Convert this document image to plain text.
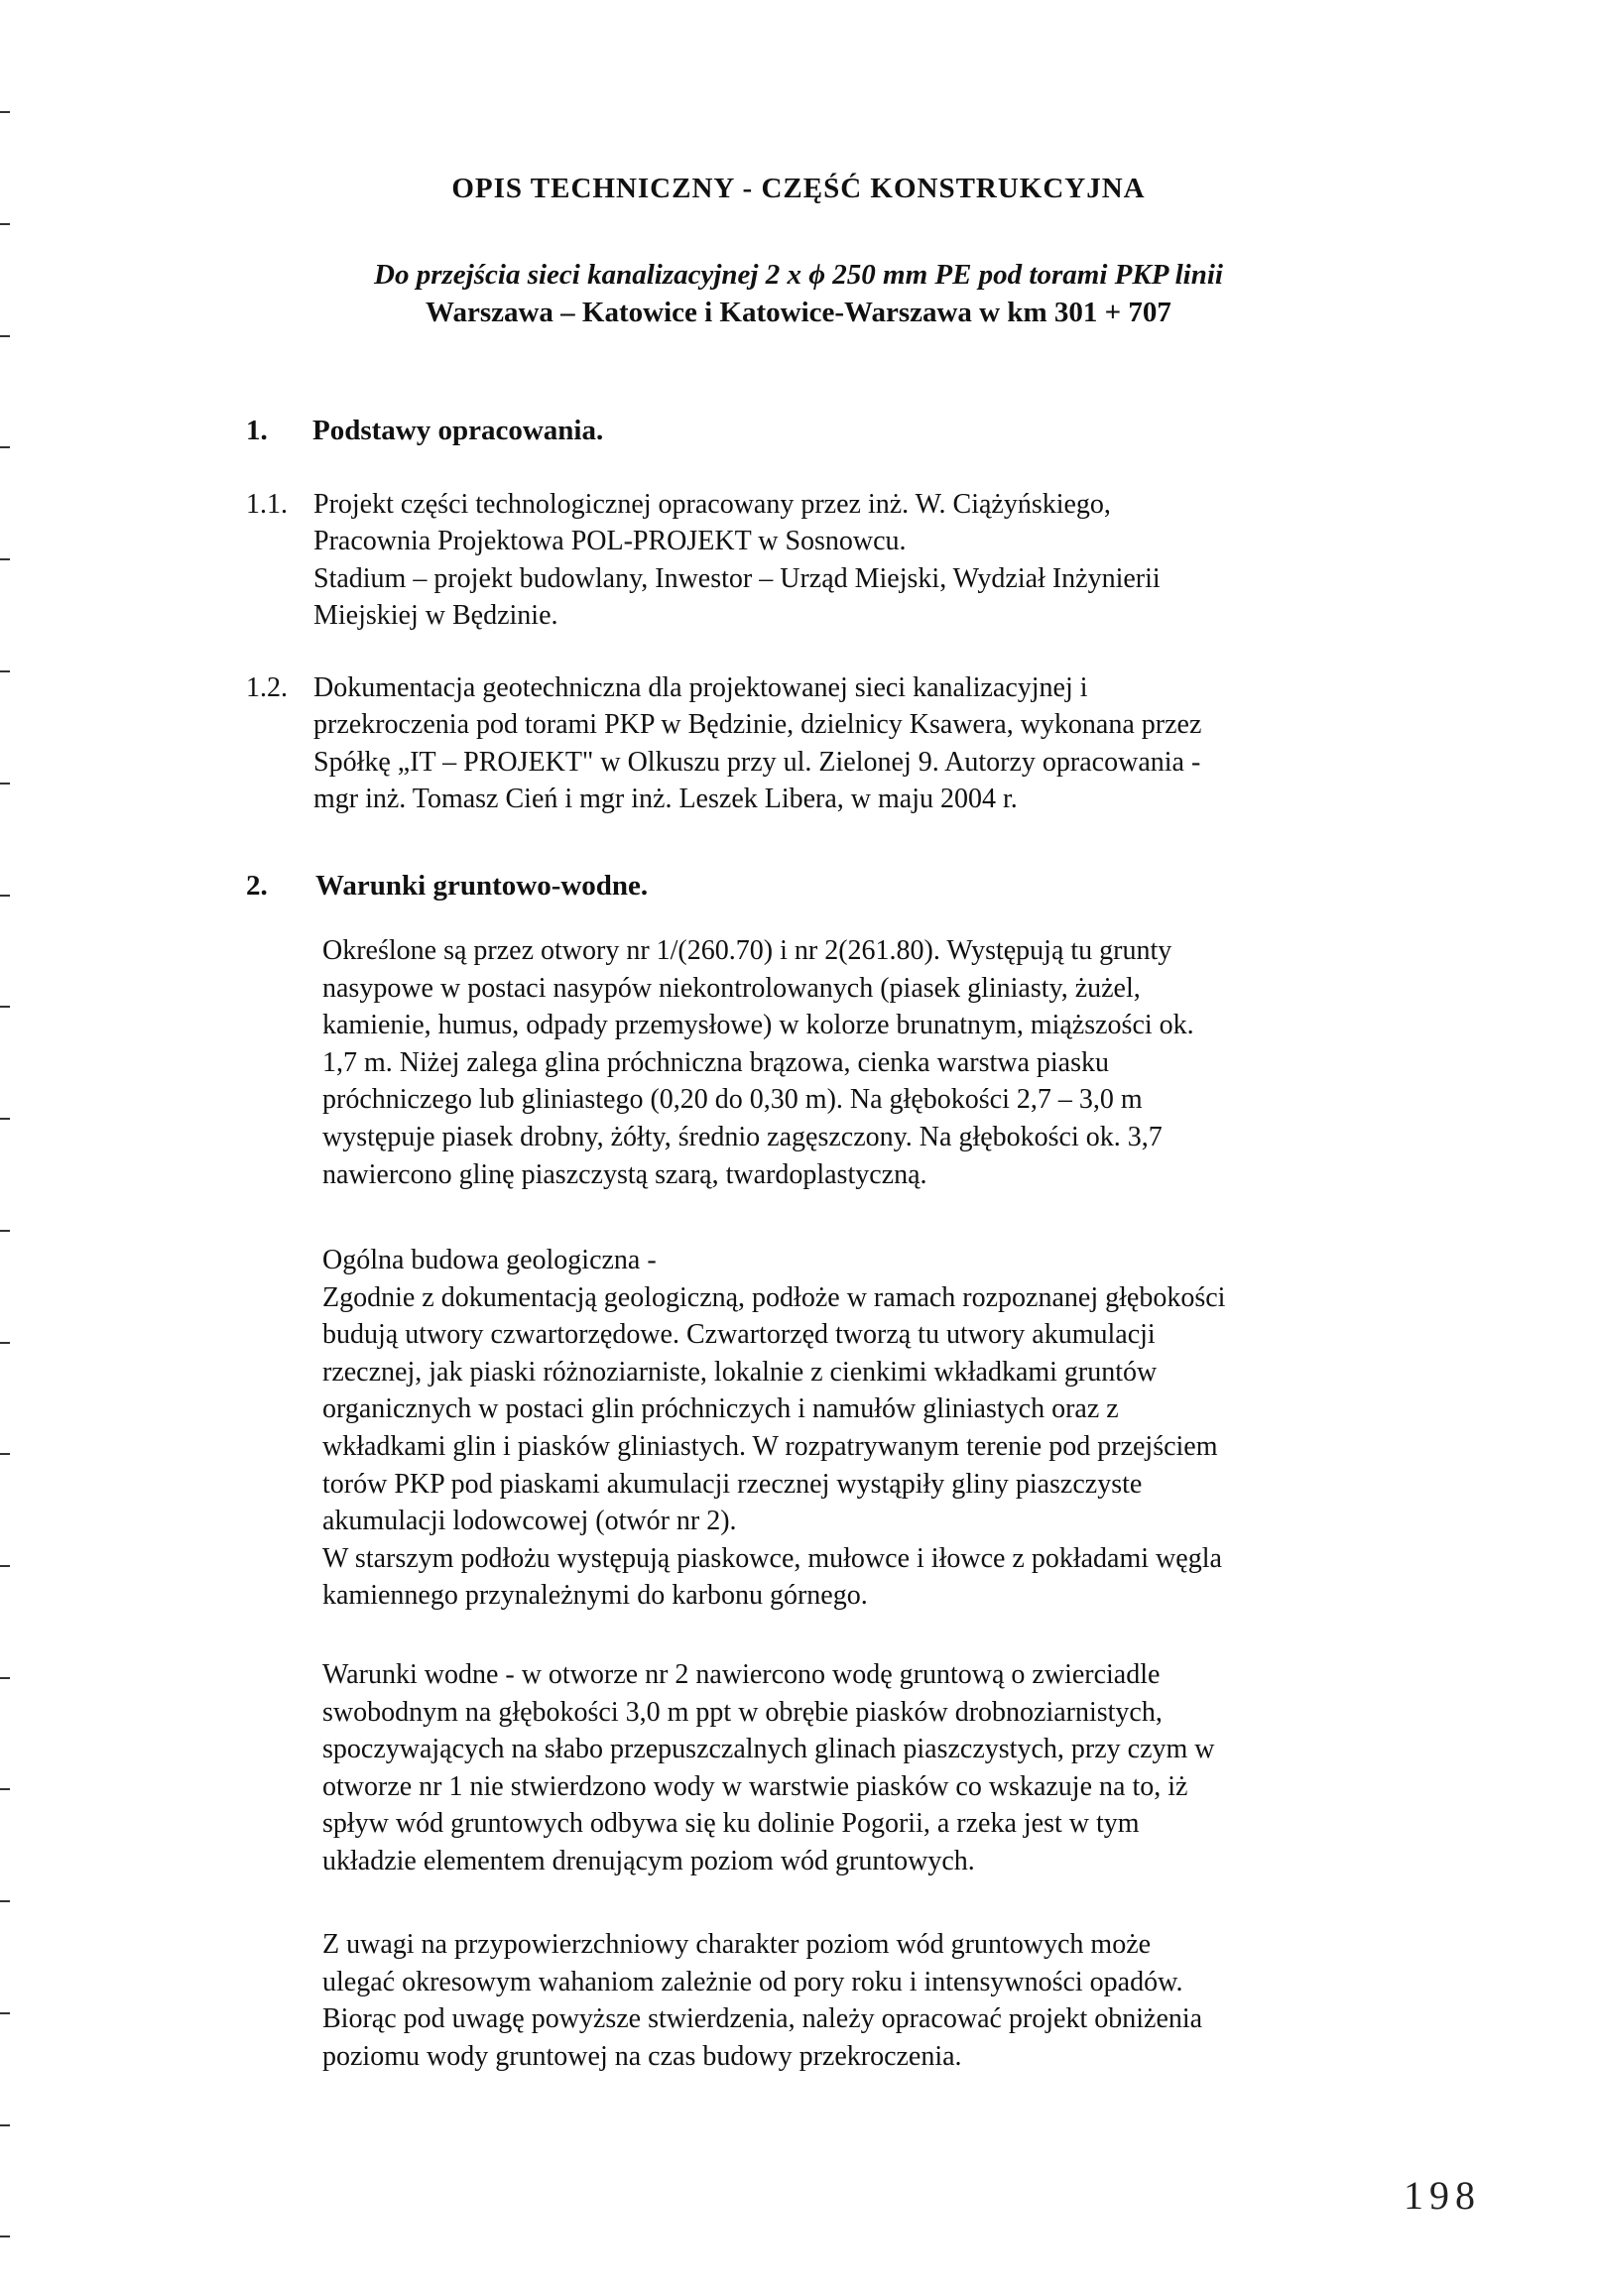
OPIS TECHNICZNY - CZĘŚĆ KONSTRUKCYJNA
Do przejścia sieci kanalizacyjnej 2 x ϕ 250 mm PE pod torami PKP linii
Warszawa – Katowice i Katowice-Warszawa w km 301 + 707
1. Podstawy opracowania.
1.1. Projekt części technologicznej opracowany przez inż. W. Ciążyńskiego,
Pracownia Projektowa POL-PROJEKT w Sosnowcu.
Stadium – projekt budowlany, Inwestor – Urząd Miejski, Wydział Inżynierii
Miejskiej w Będzinie.
1.2. Dokumentacja geotechniczna dla projektowanej sieci kanalizacyjnej i
przekroczenia pod torami PKP w Będzinie, dzielnicy Ksawera, wykonana przez
Spółkę „IT – PROJEKT" w Olkuszu przy ul. Zielonej 9. Autorzy opracowania -
mgr inż. Tomasz Cień i mgr inż. Leszek Libera, w maju 2004 r.
2. Warunki gruntowo-wodne.

Określone są przez otwory nr 1/(260.70) i nr 2(261.80). Występują tu grunty

nasypowe w postaci nasypów niekontrolowanych (piasek gliniasty, żużel,

kamienie, humus, odpady przemysłowe) w kolorze brunatnym, miąższości ok.

1,7 m. Niżej zalega glina próchniczna brązowa, cienka warstwa piasku

próchniczego lub gliniastego (0,20 do 0,30 m). Na głębokości 2,7 – 3,0 m

występuje piasek drobny, żółty, średnio zagęszczony. Na głębokości ok. 3,7

nawiercono glinę piaszczystą szarą, twardoplastyczną.

Ogólna budowa geologiczna -

Zgodnie z dokumentacją geologiczną, podłoże w ramach rozpoznanej głębokości

budują utwory czwartorzędowe. Czwartorzęd tworzą tu utwory akumulacji

rzecznej, jak piaski różnoziarniste, lokalnie z cienkimi wkładkami gruntów

organicznych w postaci glin próchniczych i namułów gliniastych oraz z

wkładkami glin i piasków gliniastych. W rozpatrywanym terenie pod przejściem

torów PKP pod piaskami akumulacji rzecznej wystąpiły gliny piaszczyste

akumulacji lodowcowej (otwór nr 2).

W starszym podłożu występują piaskowce, mułowce i iłowce z pokładami węgla

kamiennego przynależnymi do karbonu górnego.

Warunki wodne - w otworze nr 2 nawiercono wodę gruntową o zwierciadle

swobodnym na głębokości 3,0 m ppt w obrębie piasków drobnoziarnistych,

spoczywających na słabo przepuszczalnych glinach piaszczystych, przy czym w

otworze nr 1 nie stwierdzono wody w warstwie piasków co wskazuje na to, iż

spływ wód gruntowych odbywa się ku dolinie Pogorii, a rzeka jest w tym

układzie elementem drenującym poziom wód gruntowych.

Z uwagi na przypowierzchniowy charakter poziom wód gruntowych może

ulegać okresowym wahaniom zależnie od pory roku i intensywności opadów.

Biorąc pod uwagę powyższe stwierdzenia, należy opracować projekt obniżenia

poziomu wody gruntowej na czas budowy przekroczenia.

198
